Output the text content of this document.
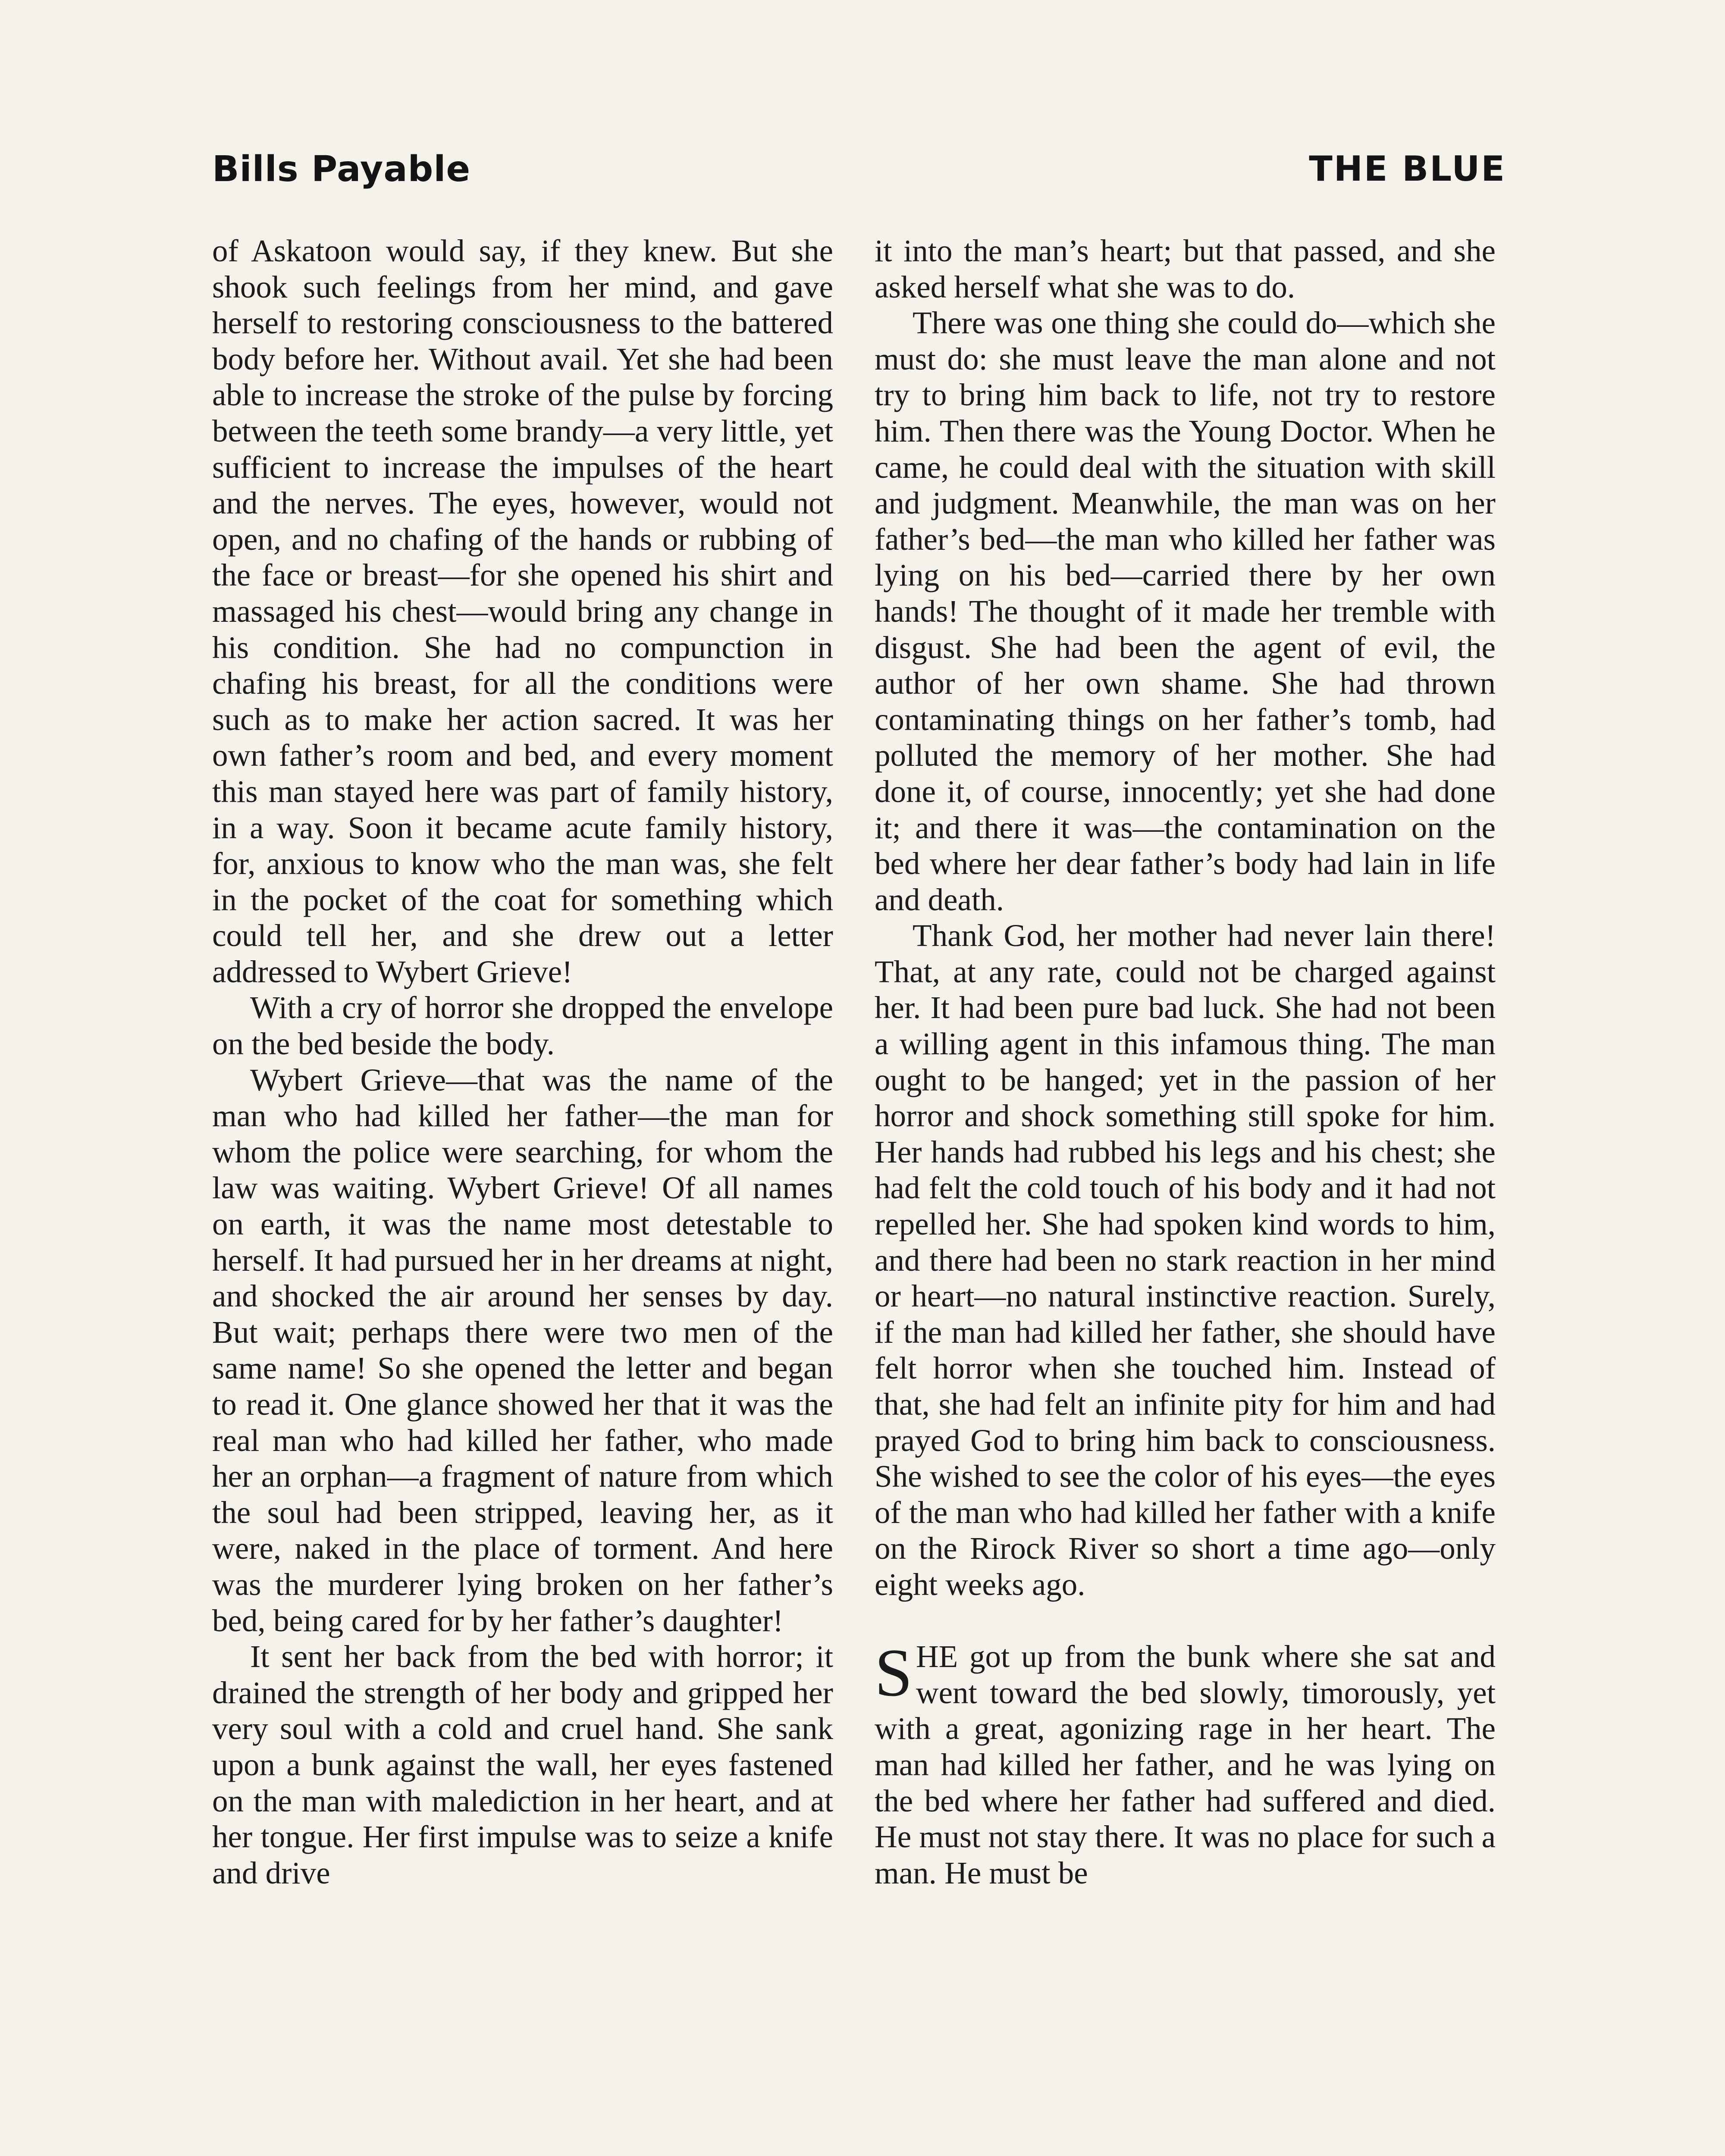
Bills Payable	THE BLUE

of Askatoon would say, if they knew. But she shook such feelings from her mind, and gave herself to restoring consciousness to the battered body before her. Without avail. Yet she had been able to increase the stroke of the pulse by forcing between the teeth some brandy—a very little, yet sufficient to increase the impulses of the heart and the nerves. The eyes, however, would not open, and no chafing of the hands or rubbing of the face or breast—for she opened his shirt and massaged his chest—would bring any change in his condition. She had no compunction in chafing his breast, for all the conditions were such as to make her action sacred. It was her own father’s room and bed, and every moment this man stayed here was part of family history, in a way. Soon it became acute family history, for, anxious to know who the man was, she felt in the pocket of the coat for something which could tell her, and she drew out a letter addressed to Wybert Grieve!

With a cry of horror she dropped the envelope on the bed beside the body.

Wybert Grieve—that was the name of the man who had killed her father—the man for whom the police were searching, for whom the law was waiting. Wybert Grieve! Of all names on earth, it was the name most detestable to herself. It had pursued her in her dreams at night, and shocked the air around her senses by day. But wait; perhaps there were two men of the same name! So she opened the letter and began to read it. One glance showed her that it was the real man who had killed her father, who made her an orphan—a fragment of nature from which the soul had been stripped, leaving her, as it were, naked in the place of torment. And here was the murderer lying broken on her father’s bed, being cared for by her father’s daughter!

It sent her back from the bed with horror; it drained the strength of her body and gripped her very soul with a cold and cruel hand. She sank upon a bunk against the wall, her eyes fastened on the man with malediction in her heart, and at her tongue. Her first impulse was to seize a knife and drive

it into the man’s heart; but that passed, and she asked herself what she was to do.

There was one thing she could do—which she must do: she must leave the man alone and not try to bring him back to life, not try to restore him. Then there was the Young Doctor. When he came, he could deal with the situation with skill and judgment. Meanwhile, the man was on her father’s bed—the man who killed her father was lying on his bed—carried there by her own hands! The thought of it made her tremble with disgust. She had been the agent of evil, the author of her own shame. She had thrown contaminating things on her father’s tomb, had polluted the memory of her mother. She had done it, of course, innocently; yet she had done it; and there it was—the contamination on the bed where her dear father’s body had lain in life and death.

Thank God, her mother had never lain there! That, at any rate, could not be charged against her. It had been pure bad luck. She had not been a willing agent in this infamous thing. The man ought to be hanged; yet in the passion of her horror and shock something still spoke for him. Her hands had rubbed his legs and his chest; she had felt the cold touch of his body and it had not repelled her. She had spoken kind words to him, and there had been no stark reaction in her mind or heart—no natural instinctive reaction. Surely, if the man had killed her father, she should have felt horror when she touched him. Instead of that, she had felt an infinite pity for him and had prayed God to bring him back to consciousness. She wished to see the color of his eyes—the eyes of the man who had killed her father with a knife on the Rirock River so short a time ago—only eight weeks ago.

SHE got up from the bunk where she sat and went toward the bed slowly, timorously, yet with a great, agonizing rage in her heart. The man had killed her father, and he was lying on the bed where her father had suffered and died. He must not stay there. It was no place for such a man. He must be
